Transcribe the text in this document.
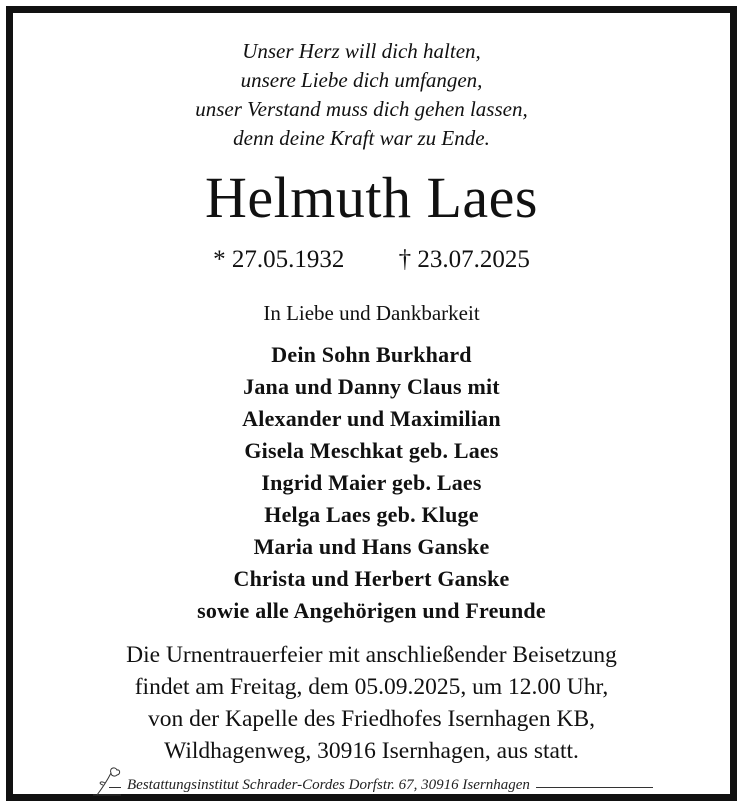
Unser Herz will dich halten,
unsere Liebe dich umfangen,
unser Verstand muss dich gehen lassen,
denn deine Kraft war zu Ende.
Helmuth Laes
* 27.05.1932 † 23.07.2025
In Liebe und Dankbarkeit
Dein Sohn Burkhard
Jana und Danny Claus mit
Alexander und Maximilian
Gisela Meschkat geb. Laes
Ingrid Maier geb. Laes
Helga Laes geb. Kluge
Maria und Hans Ganske
Christa und Herbert Ganske
sowie alle Angehörigen und Freunde
Die Urnentrauerfeier mit anschließender Beisetzung
findet am Freitag, dem 05.09.2025, um 12.00 Uhr,
von der Kapelle des Friedhofes Isernhagen KB,
Wildhagenweg, 30916 Isernhagen, aus statt.
Bestattungsinstitut Schrader-Cordes Dorfstr. 67, 30916 Isernhagen
